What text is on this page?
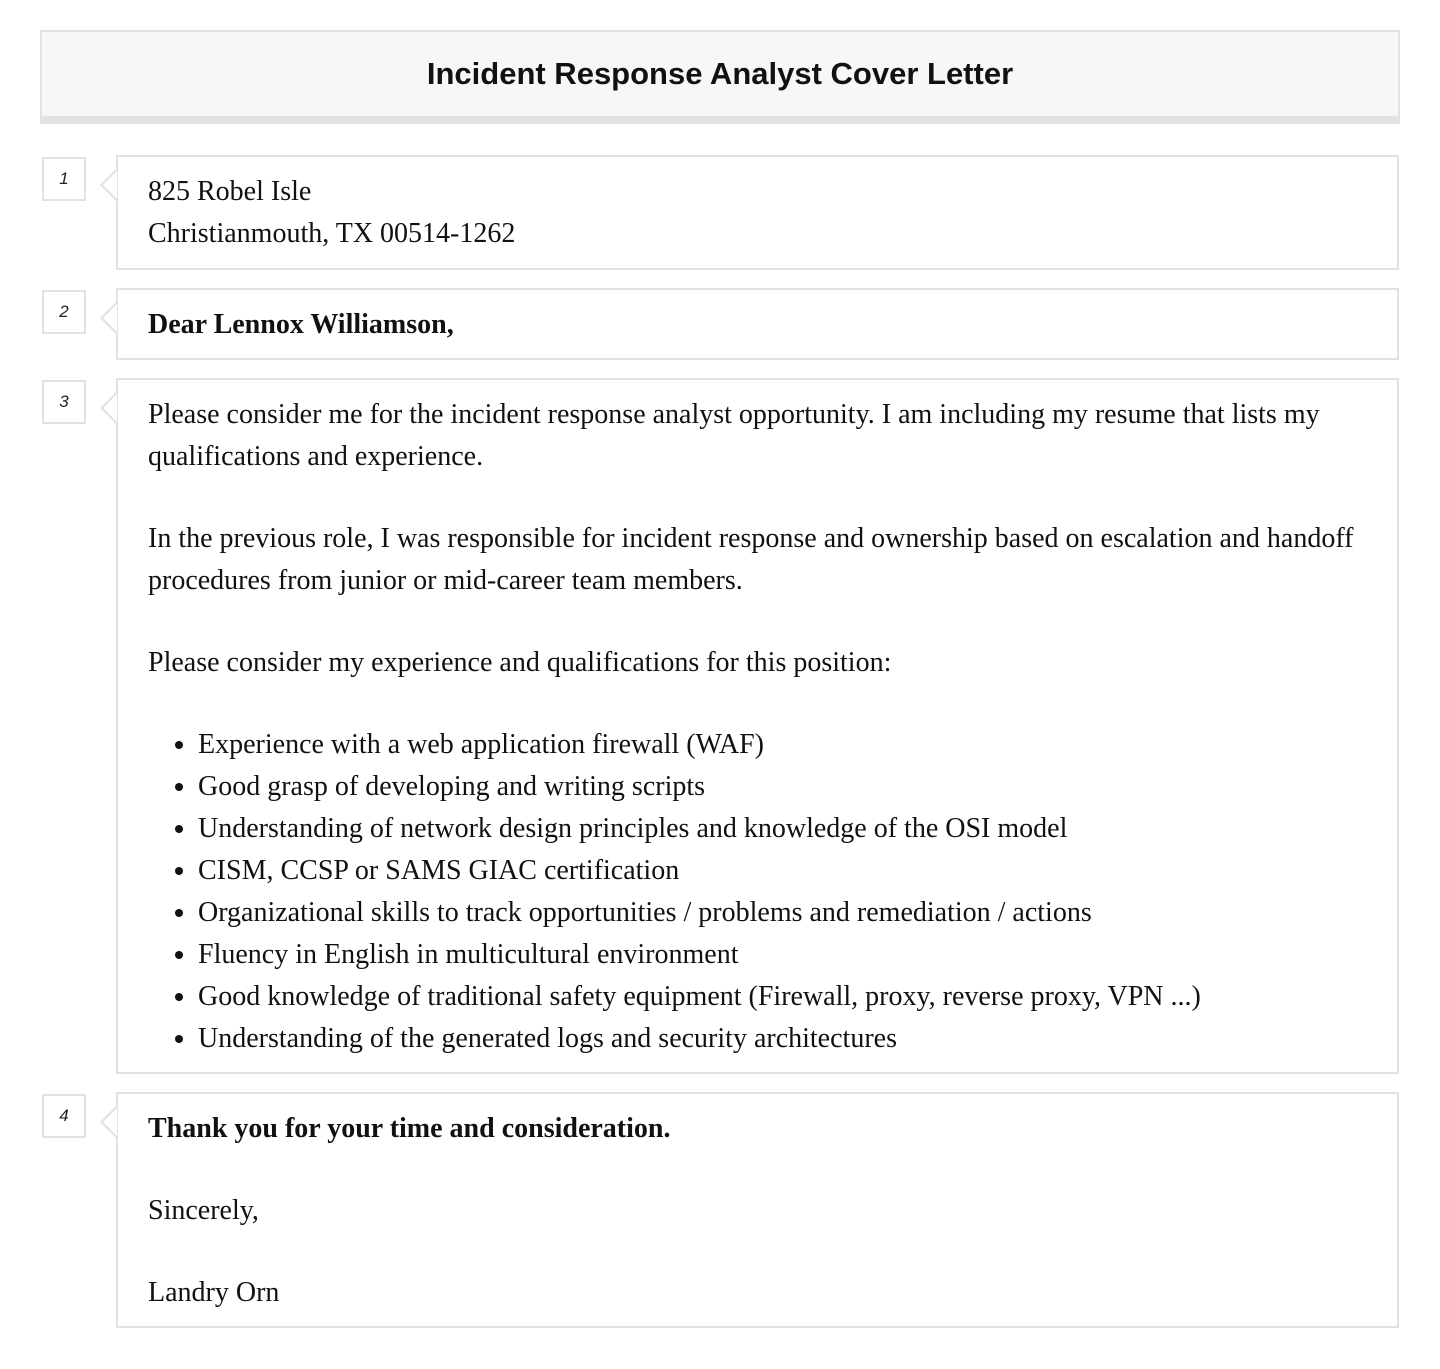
Incident Response Analyst Cover Letter
1	825 Robel Isle
Christianmouth, TX 00514-1262

2	Dear Lennox Williamson,

3	Please consider me for the incident response analyst opportunity. I am including my resume that lists my qualifications and experience.

In the previous role, I was responsible for incident response and ownership based on escalation and handoff procedures from junior or mid-career team members.

Please consider my experience and qualifications for this position:

• Experience with a web application firewall (WAF)
• Good grasp of developing and writing scripts
• Understanding of network design principles and knowledge of the OSI model
• CISM, CCSP or SAMS GIAC certification
• Organizational skills to track opportunities / problems and remediation / actions
• Fluency in English in multicultural environment
• Good knowledge of traditional safety equipment (Firewall, proxy, reverse proxy, VPN ...)
• Understanding of the generated logs and security architectures
4	Thank you for your time and consideration.

Sincerely,

Landry Orn
